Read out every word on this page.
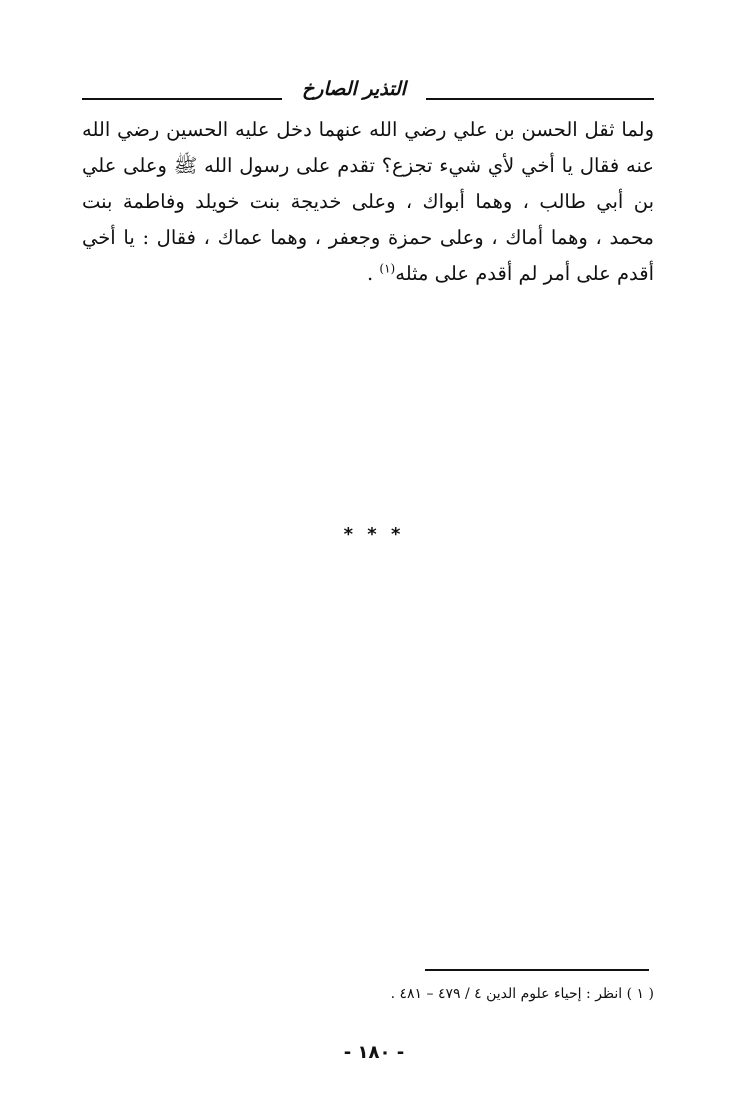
التذير الصارخ
ولما ثقل الحسن بن علي رضي الله عنهما دخل عليه الحسين رضي الله عنه فقال يا أخي لأي شيء تجزع؟ تقدم على رسول الله ﷺ وعلى علي بن أبي طالب ، وهما أبواك ، وعلى خديجة بنت خويلد وفاطمة بنت محمد ، وهما أماك ، وعلى حمزة وجعفر ، وهما عماك ، فقال : يا أخي أقدم على أمر لم أقدم على مثله$^{(١)}$ .
* * *
( ١ ) انظر : إحياء علوم الدين ٤ / ٤٧٩ – ٤٨١ .
- ١٨٠ -
